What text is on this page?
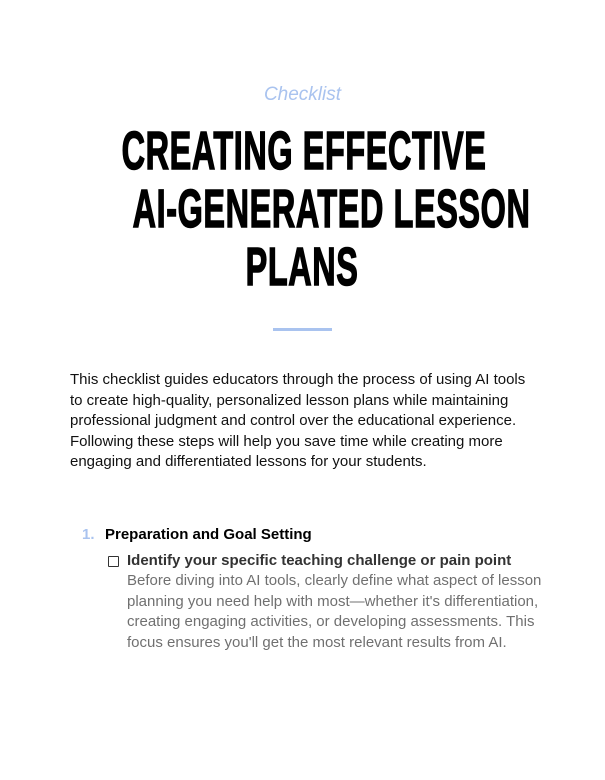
Checklist
CREATING EFFECTIVE
AI-GENERATED LESSON
PLANS

This checklist guides educators through the process of using AI tools to create high-quality, personalized lesson plans while maintaining professional judgment and control over the educational experience. Following these steps will help you save time while creating more engaging and differentiated lessons for your students.

1. Preparation and Goal Setting
Identify your specific teaching challenge or pain point
Before diving into AI tools, clearly define what aspect of lesson planning you need help with most—whether it's differentiation, creating engaging activities, or developing assessments. This focus ensures you'll get the most relevant results from AI.
